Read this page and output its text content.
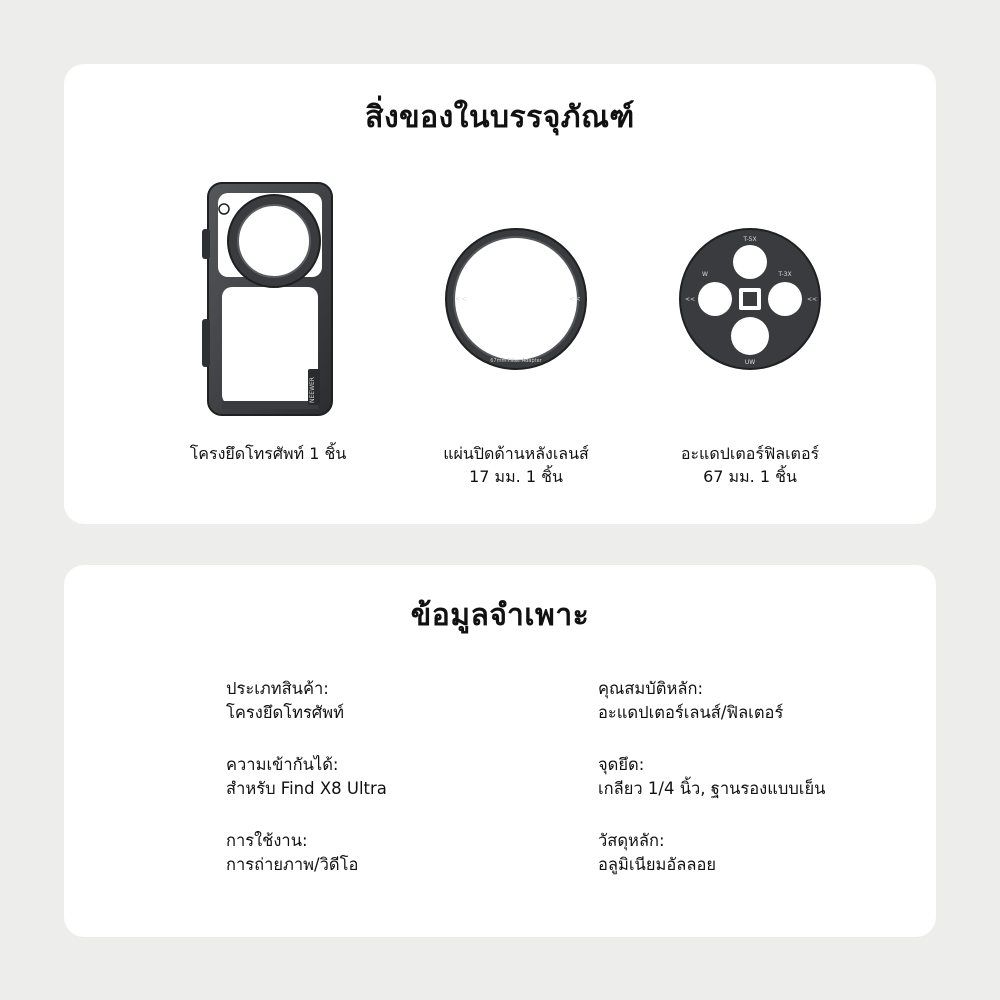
สิ่งของในบรรจุภัณฑ์
NEEWER
โครงยึดโทรศัพท์ 1 ชิ้น
<<	<<
67mm Filter Adapter
แผ่นปิดด้านหลังเลนส์
17 มม. 1 ชิ้น
T-5X
T-3X
W
UW
<<	<<
อะแดปเตอร์ฟิลเตอร์
67 มม. 1 ชิ้น
ข้อมูลจำเพาะ
ประเภทสินค้า:
โครงยึดโทรศัพท์
คุณสมบัติหลัก:
อะแดปเตอร์เลนส์/ฟิลเตอร์
ความเข้ากันได้:
สำหรับ Find X8 Ultra
จุดยึด:
เกลียว 1/4 นิ้ว, ฐานรองแบบเย็น
การใช้งาน:
การถ่ายภาพ/วิดีโอ
วัสดุหลัก:
อลูมิเนียมอัลลอย
